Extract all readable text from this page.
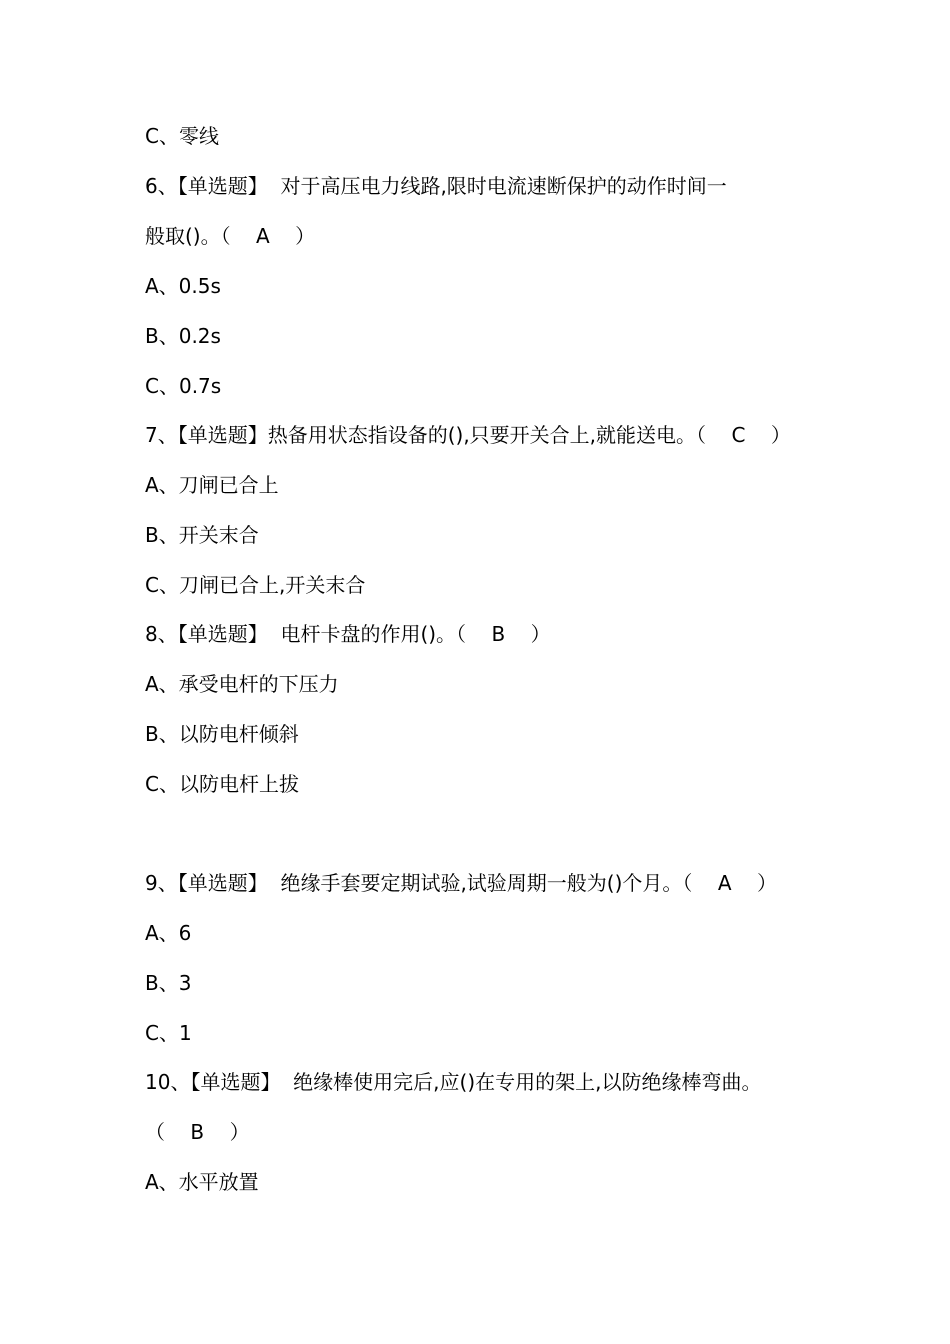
C、零线
6、【单选题】  对于高压电力线路,限时电流速断保护的动作时间一
般取()。（    A    ）
A、0.5s
B、0.2s
C、0.7s
7、【单选题】热备用状态指设备的(),只要开关合上,就能送电。（    C    ）
A、刀闸已合上
B、开关末合
C、刀闸已合上,开关末合
8、【单选题】  电杆卡盘的作用()。（    B    ）
A、承受电杆的下压力
B、以防电杆倾斜
C、以防电杆上拔
9、【单选题】  绝缘手套要定期试验,试验周期一般为()个月。（    A    ）
A、6
B、3
C、1
10、【单选题】  绝缘棒使用完后,应()在专用的架上,以防绝缘棒弯曲。
（    B    ）
A、水平放置
